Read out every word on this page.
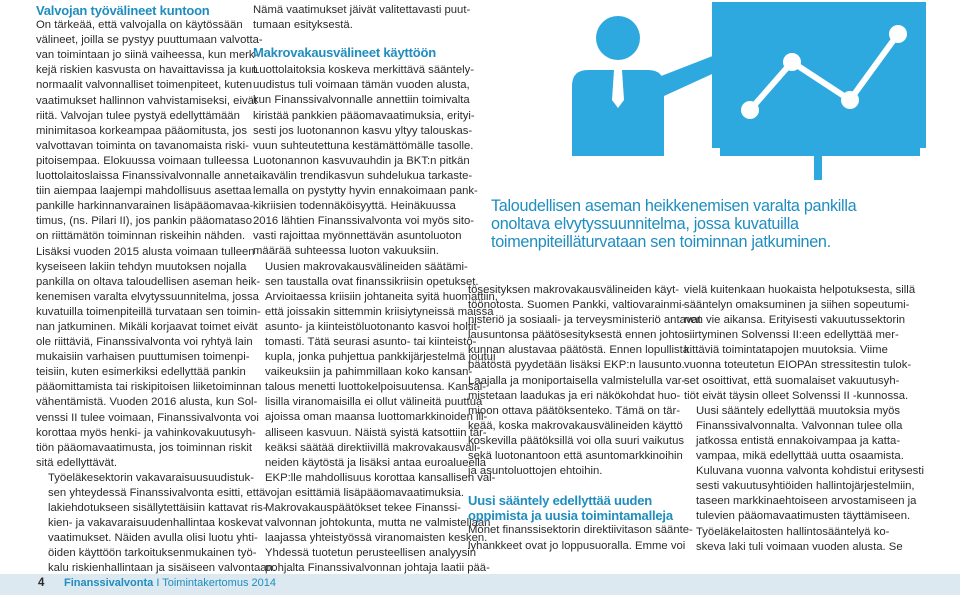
Valvojan työvälineet kuntoon

On tärkeää, että valvojalla on käytössään
välineet, joilla se pystyy puuttumaan valvotta-
van toimintaan jo siinä vaiheessa, kun merk-
kejä riskien kasvusta on havaittavissa ja kun
normaalit valvonnalliset toimenpiteet, kuten
vaatimukset hallinnon vahvistamiseksi, eivät
riitä. Valvojan tulee pystyä edellyttämään
minimitasoa korkeampaa pääomitusta, jos
valvottavan toiminta on tavanomaista riski-
pitoisempaa. Elokuussa voimaan tulleessa
luottolaitoslaissa Finanssivalvonnalle annet-
tiin aiempaa laajempi mahdollisuus asettaa
pankille harkinnanvarainen lisäpääomavaa-
timus, (ns. Pilari II), jos pankin pääomataso
on riittämätön toiminnan riskeihin nähden.
Lisäksi vuoden 2015 alusta voimaan tulleen
kyseiseen lakiin tehdyn muutoksen nojalla
pankilla on oltava taloudellisen aseman heik-
kenemisen varalta elvytyssuunnitelma, jossa
kuvatuilla toimenpiteillä turvataan sen toimin-
nan jatkuminen. Mikäli korjaavat toimet eivät
ole riittäviä, Finanssivalvonta voi ryhtyä lain
mukaisiin varhaisen puuttumisen toimenpi-
teisiin, kuten esimerkiksi edellyttää pankin
pääomittamista tai riskipitoisen liiketoiminnan
vähentämistä. Vuoden 2016 alusta, kun Sol-
venssi II tulee voimaan, Finanssivalvonta voi
korottaa myös henki- ja vahinkovakuutusyh-
tiön pääomavaatimusta, jos toiminnan riskit
sitä edellyttävät.

Työeläkesektorin vakavaraisuusuudistuk-
sen yhteydessä Finanssivalvonta esitti, että
lakiehdotukseen sisällytettäisiin kattavat ris-
kien- ja vakavaraisuudenhallintaa koskevat
vaatimukset. Näiden avulla olisi luotu yhti-
öiden käyttöön tarkoituksenmukainen työ-
kalu riskienhallintaan ja sisäiseen valvontaan.

Nämä vaatimukset jäivät valitettavasti puut-
tumaan esityksestä.

Makrovakausvälineet käyttöön

Luottolaitoksia koskeva merkittävä sääntely-
uudistus tuli voimaan tämän vuoden alusta,
kun Finanssivalvonnalle annettiin toimivalta
kiristää pankkien pääomavaatimuksia, erityi-
sesti jos luotonannon kasvu yltyy talouskas-
vuun suhteutettuna kestämättömälle tasolle.
Luotonannon kasvuvauhdin ja BKT:n pitkän
aikavälin trendikasvun suhdelukua tarkaste-
lemalla on pystytty hyvin ennakoimaan pank-
kikriisien todennäköisyyttä. Heinäkuussa
2016 lähtien Finanssivalvonta voi myös sito-
vasti rajoittaa myönnettävän asuntoluoton
määrää suhteessa luoton vakuuksiin.

Uusien makrovakausvälineiden säätämi-
sen taustalla ovat finanssikriisin opetukset.
Arvioitaessa kriisiin johtaneita syitä huomattiin,
että joissakin sittemmin kriisiytyneissä maissa
asunto- ja kiinteistöluotonanto kasvoi holtit-
tomasti. Tätä seurasi asunto- tai kiinteistö-
kupla, jonka puhjettua pankkijärjestelmä joutui
vaikeuksiin ja pahimmillaan koko kansan-
talous menetti luottokelpoisuutensa. Kansal-
lisilla viranomaisilla ei ollut välineitä puuttua
ajoissa oman maansa luottomarkkinoiden ili-
alliseen kasvuun. Näistä syistä katsottiin tär-
keäksi säätää direktiivillä makrovakausväli-
neiden käytöstä ja lisäksi antaa euroalueella
EKP:lle mahdollisuus korottaa kansallisen val-
vojan esittämiä lisäpääomavaatimuksia.

Makrovakauspäätökset tekee Finanssi-
valvonnan johtokunta, mutta ne valmistellaan
laajassa yhteistyössä viranomaisten kesken.
Yhdessä tuotetun perusteellisen analyysin
pohjalta Finanssivalvonnan johtaja laatii pää-

Taloudellisen aseman heikkenemisen varalta pankilla onoltava elvytyssuunnitelma, jossa kuvatuilla toimenpiteilläturvataan sen toiminnan jatkuminen.

tösesityksen makrovakausvälineiden käyt-
töönotosta. Suomen Pankki, valtiovarainmi-
nisteriö ja sosiaali- ja terveysministeriö antavat
lausuntonsa päätösesityksestä ennen johto-
kunnan alustavaa päätöstä. Ennen lopullista
päätöstä pyydetään lisäksi EKP:n lausunto.
Laajalla ja moniportaisella valmistelulla var-
mistetaan laadukas ja eri näkökohdat huo-
mioon ottava päätöksenteko. Tämä on tär-
keää, koska makrovakausvälineiden käyttö
koskevilla päätöksillä voi olla suuri vaikutus
sekä luotonantoon että asuntomarkkinoihin
ja asuntoluottojen ehtoihin.

Uusi sääntely edellyttää uuden
oppimista ja uusia toimintamalleja

Monet finanssisektorin direktiivitason säänte-
lyhankkeet ovat jo loppusuoralla. Emme voi

vielä kuitenkaan huokaista helpotuksesta, sillä
sääntelyn omaksuminen ja siihen sopeutumi-
nen vie aikansa. Erityisesti vakuutussektorin
siirtyminen Solvenssi II:een edellyttää mer-
kittäviä toimintatapojen muutoksia. Viime
vuonna toteutetun EIOPAn stressitestin tulok-
set osoittivat, että suomalaiset vakuutusyh-
tiöt eivät täysin olleet Solvenssi II -kunnossa.

Uusi sääntely edellyttää muutoksia myös
Finanssivalvonnalta. Valvonnan tulee olla
jatkossa entistä ennakoivampaa ja katta-
vampaa, mikä edellyttää uutta osaamista.
Kuluvana vuonna valvonta kohdistui eritysesti
sesti vakuutusyhtiöiden hallintojärjestelmiin,
taseen markkinaehtoiseen arvostamiseen ja
tulevien pääomavaatimusten täyttämiseen.

Työeläkelaitosten hallintosääntelyä ko-
skeva laki tuli voimaan vuoden alusta. Se

4 Finanssivalvonta I Toimintakertomus 2014
